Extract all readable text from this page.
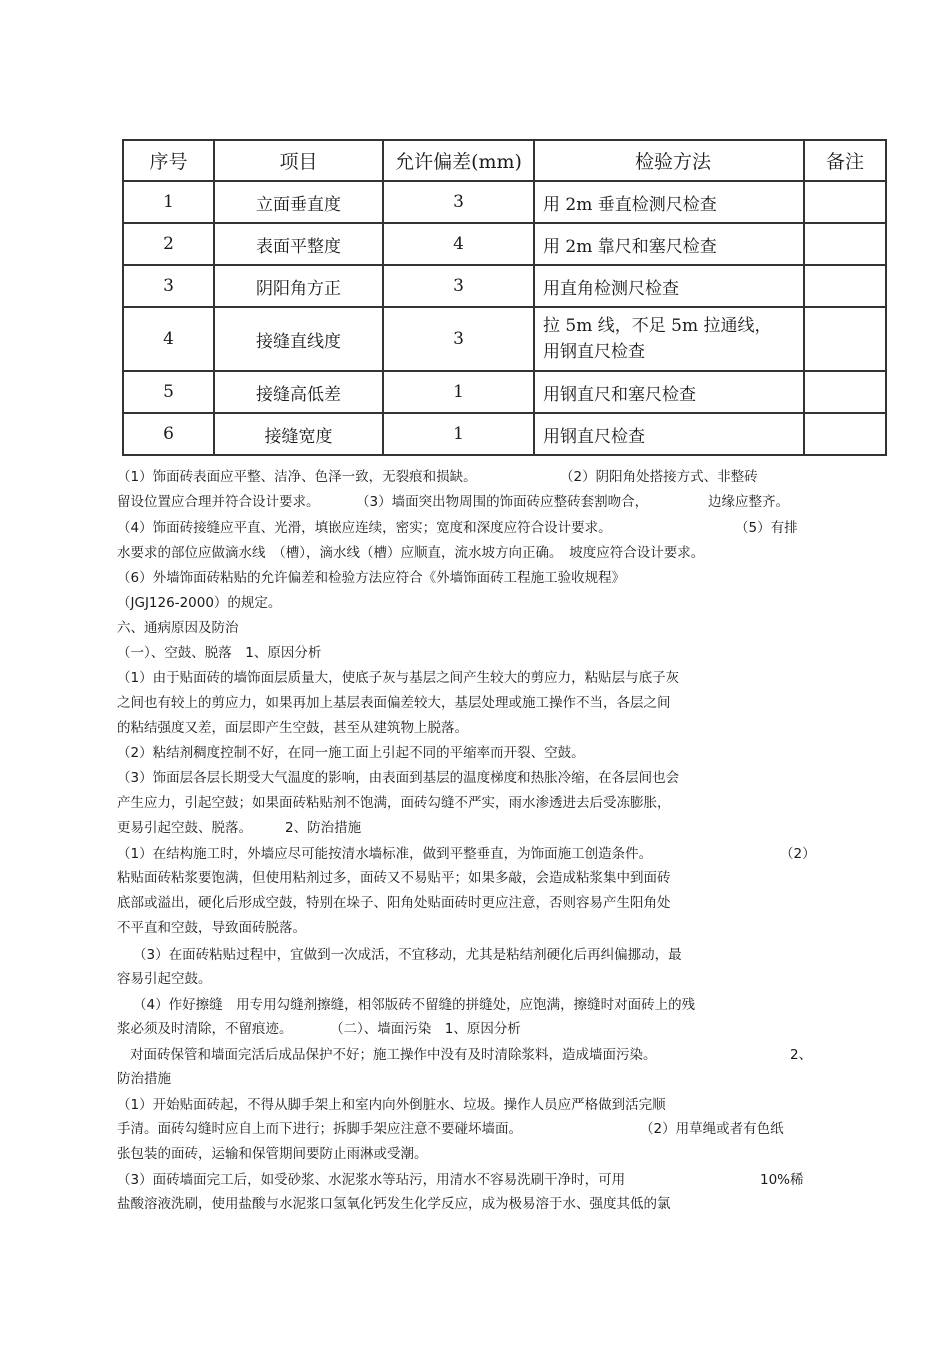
序号	项目	允许偏差(mm)	检验方法	备注
1	立面垂直度	3	用 2m 垂直检测尺检查	
2	表面平整度	4	用 2m 靠尺和塞尺检查	
3	阴阳角方正	3	用直角检测尺检查	
4	接缝直线度	3	拉 5m 线，不足 5m 拉通线，
用钢直尺检查	

5	接缝高低差	1	用钢直尺和塞尺检查	
6	接缝宽度	1	用钢直尺检查	
（1）饰面砖表面应平整、洁净、色泽一致，无裂痕和损缺。	（2）阴阳角处搭接方式、非整砖
留设位置应合理并符合设计要求。	（3）墙面突出物周围的饰面砖应整砖套割吻合，	边缘应整齐。
（4）饰面砖接缝应平直、光滑，填嵌应连续，密实；宽度和深度应符合设计要求。	（5）有排
水要求的部位应做滴水线　（槽），滴水线（槽）应顺直，流水坡方向正确。　坡度应符合设计要求。
（6）外墙饰面砖粘贴的允许偏差和检验方法应符合《外墙饰面砖工程施工验收规程》
（JGJ126-2000）的规定。
六、通病原因及防治
（一）、空鼓、脱落　1、原因分析
（1）由于贴面砖的墙饰面层质量大，使底子灰与基层之间产生较大的剪应力，粘贴层与底子灰
之间也有较上的剪应力，如果再加上基层表面偏差较大，基层处理或施工操作不当，各层之间
的粘结强度又差，面层即产生空鼓，甚至从建筑物上脱落。
（2）粘结剂稠度控制不好，在同一施工面上引起不同的平缩率而开裂、空鼓。
（3）饰面层各层长期受大气温度的影响，由表面到基层的温度梯度和热胀冷缩，在各层间也会
产生应力，引起空鼓；如果面砖粘贴剂不饱满，面砖勾缝不严实，雨水渗透进去后受冻膨胀，
更易引起空鼓、脱落。 2、防治措施
（1）在结构施工时，外墙应尽可能按清水墙标准，做到平整垂直，为饰面施工创造条件。	（2）
粘贴面砖粘浆要饱满，但使用粘剂过多，面砖又不易贴平；如果多敲，会造成粘浆集中到面砖
底部或溢出，硬化后形成空鼓，特别在垛子、阳角处贴面砖时更应注意，否则容易产生阳角处
不平直和空鼓，导致面砖脱落。
（3）在面砖粘贴过程中，宜做到一次成活，不宜移动，尤其是粘结剂硬化后再纠偏挪动，最
容易引起空鼓。
（4）作好擦缝　用专用勾缝剂擦缝，相邻版砖不留缝的拼缝处，应饱满，擦缝时对面砖上的残
浆必须及时清除，不留痕迹。	（二）、墙面污染　1、原因分析
对面砖保管和墙面完活后成品保护不好；施工操作中没有及时清除浆料，造成墙面污染。	2、
防治措施
（1）开始贴面砖起，不得从脚手架上和室内向外倒脏水、垃圾。操作人员应严格做到活完顺
手清。面砖勾缝时应自上而下进行；拆脚手架应注意不要碰坏墙面。	（2）用草绳或者有色纸
张包装的面砖，运输和保管期间要防止雨淋或受潮。
（3）面砖墙面完工后，如受砂浆、水泥浆水等玷污，用清水不容易洗刷干净时，可用	10%稀
盐酸溶液洗刷，使用盐酸与水泥浆口氢氧化钙发生化学反应，成为极易溶于水、强度其低的氯
